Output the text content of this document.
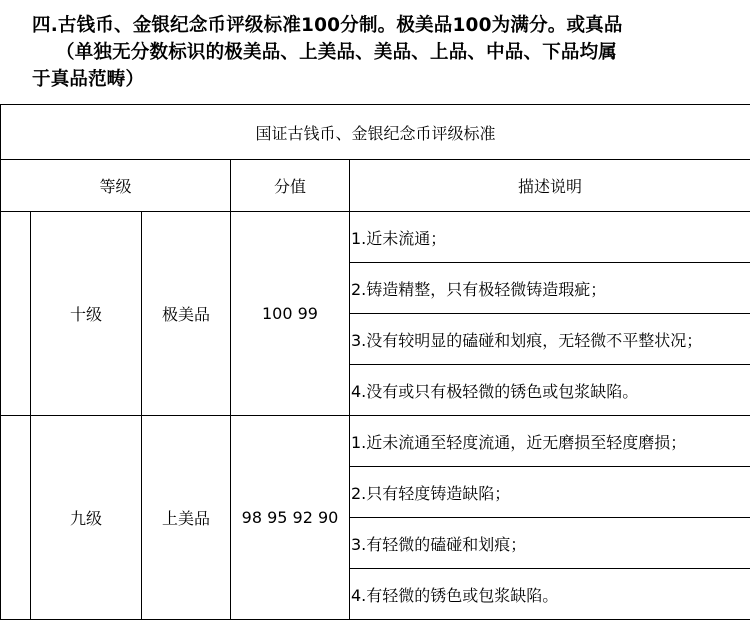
四.古钱币、金银纪念币评级标准100分制。极美品100为满分。或真品
（单独无分数标识的极美品、上美品、美品、上品、中品、下品均属
于真品范畴）
国证古钱币、金银纪念币评级标准				
等级			分值	描述说明
	十级	极美品	100 99	1.近未流通；
				2.铸造精整，只有极轻微铸造瑕疵；
				3.没有较明显的磕碰和划痕，无轻微不平整状况；
				4.没有或只有极轻微的锈色或包浆缺陷。
	九级	上美品	98 95 92 90	1.近未流通至轻度流通，近无磨损至轻度磨损；
				2.只有轻度铸造缺陷；
				3.有轻微的磕碰和划痕；
				4.有轻微的锈色或包浆缺陷。
